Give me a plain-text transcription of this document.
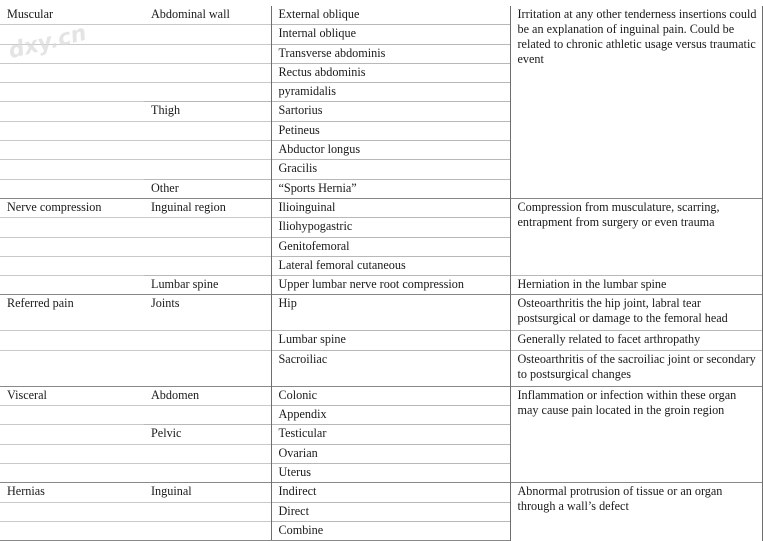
dxy.cn
Muscular	Abdominal wall	External oblique	Irritation at any other tenderness insertions could be an explanation of inguinal pain. Could be related to chronic athletic usage versus traumatic event
		Internal oblique	
		Transverse abdominis	
		Rectus abdominis	
		pyramidalis	
	Thigh	Sartorius	
		Petineus	
		Abductor longus	
		Gracilis	
	Other	“Sports Hernia”	
Nerve compression	Inguinal region	Ilioinguinal	Compression from musculature, scarring, entrapment from surgery or even trauma
		Iliohypogastric	
		Genitofemoral	
		Lateral femoral cutaneous	
	Lumbar spine	Upper lumbar nerve root compression	Herniation in the lumbar spine
Referred pain	Joints	Hip	Osteoarthritis the hip joint, labral tear postsurgical or damage to the femoral head
		Lumbar spine	Generally related to facet arthropathy
		Sacroiliac	Osteoarthritis of the sacroiliac joint or secondary to postsurgical changes
Visceral	Abdomen	Colonic	Inflammation or infection within these organ may cause pain located in the groin region
		Appendix	
	Pelvic	Testicular	
		Ovarian	
		Uterus	
Hernias	Inguinal	Indirect	Abnormal protrusion of tissue or an organ through a wall’s defect
		Direct	
		Combine	
